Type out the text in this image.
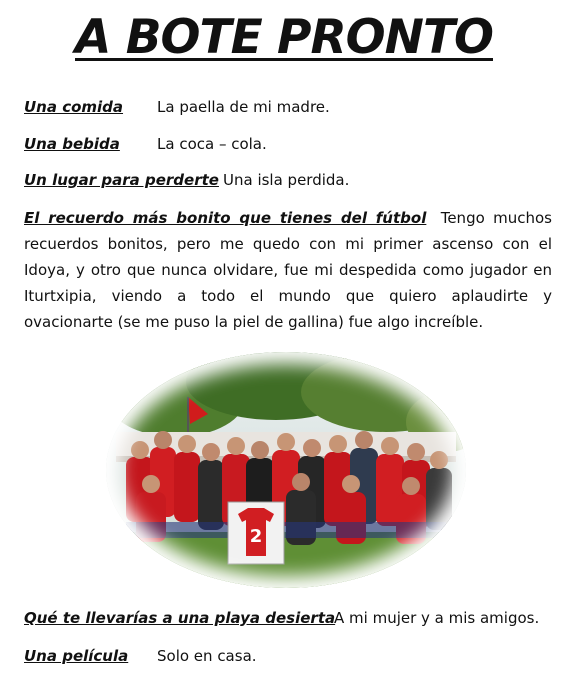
A BOTE PRONTO
Una comida La paella de mi madre.
Una bebida La coca – cola.
Un lugar para perderte Una isla perdida.
El recuerdo más bonito que tienes del fútbol Tengo muchos recuerdos bonitos, pero me quedo con mi primer ascenso con el Idoya, y otro que nunca olvidare, fue mi despedida como jugador en Iturtxipia, viendo a todo el mundo que quiero aplaudirte y ovacionarte (se me puso la piel de gallina) fue algo increíble.
2
Qué te llevarías a una playa desierta
A mi mujer y a mis amigos.
Una película Solo en casa.
